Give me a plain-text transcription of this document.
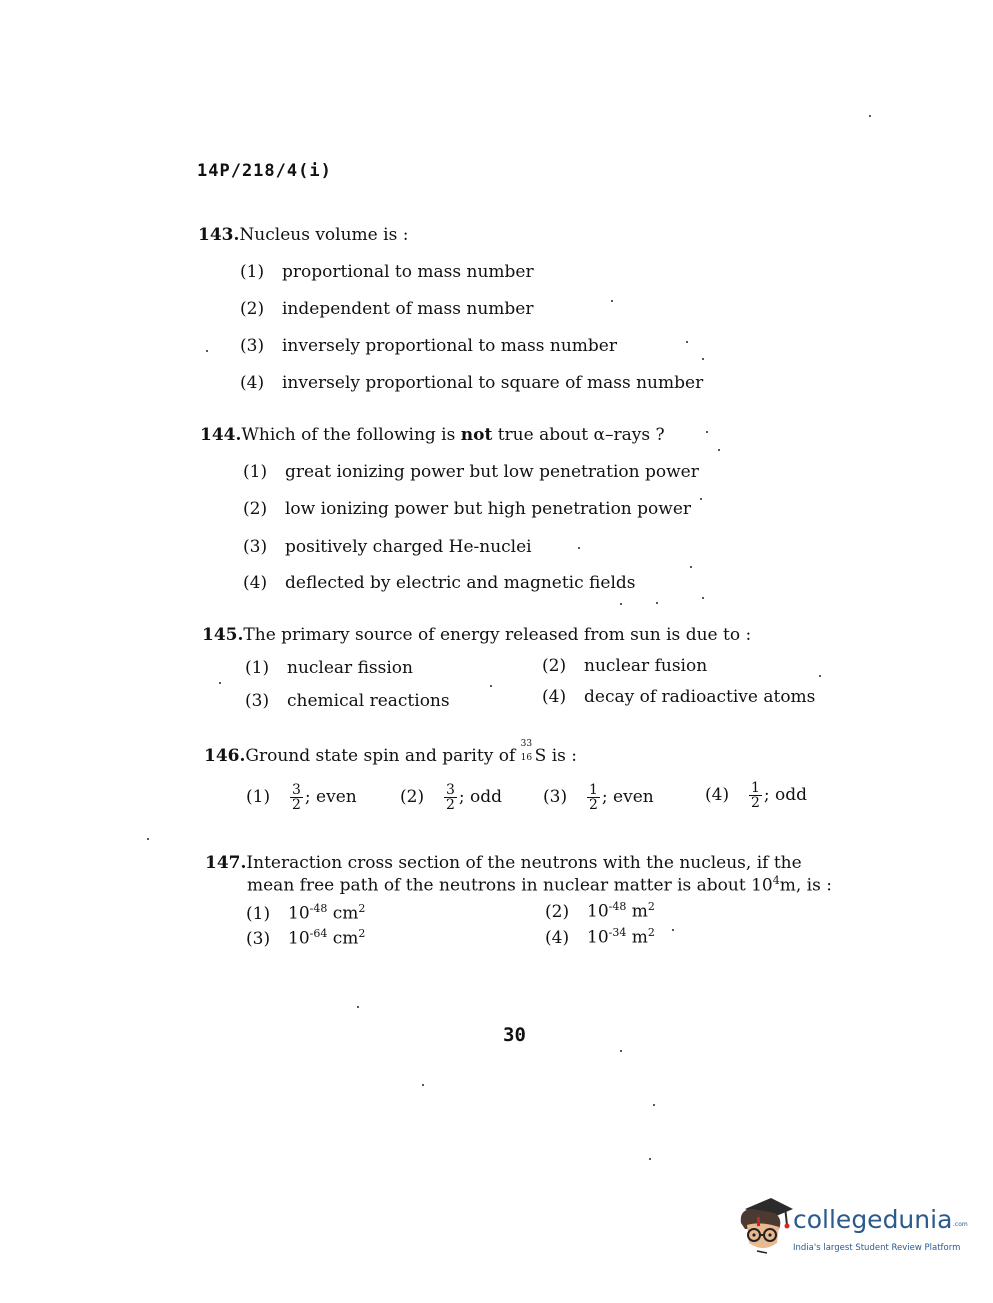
14P/218/4(i)
143.Nucleus volume is :
(1) proportional to mass number
(2) independent of mass number
(3) inversely proportional to mass number
(4) inversely proportional to square of mass number
144.Which of the following is not true about α–rays ?
(1) great ionizing power but low penetration power
(2) low ionizing power but high penetration power
(3) positively charged He-nuclei
(4) deflected by electric and magnetic fields
145.The primary source of energy released from sun is due to :
(1) nuclear fission	(2) nuclear fusion
(3) chemical reactions	(4) decay of radioactive atoms
146.Ground state spin and parity of
33
16 S is :
$(1) \frac{3}{2}$ ; even	$(2) \frac{3}{2}$ ; odd $(3) \frac{1}{2}$ ; even	$(4) \frac{1}{2}$ ; odd
147.Interaction cross section of the neutrons with the nucleus, if the
mean free path of the neutrons in nuclear matter is about $10^4m$, is :
(1) $10^{-48}$ $cm^2$	(2) $10^{-48}$ $m^2$
(3) $10^{-64}$ $cm^2$	(4) $10^{-34}$ $m^2$
30
collegedunia .com
India's largest Student Review Platform
